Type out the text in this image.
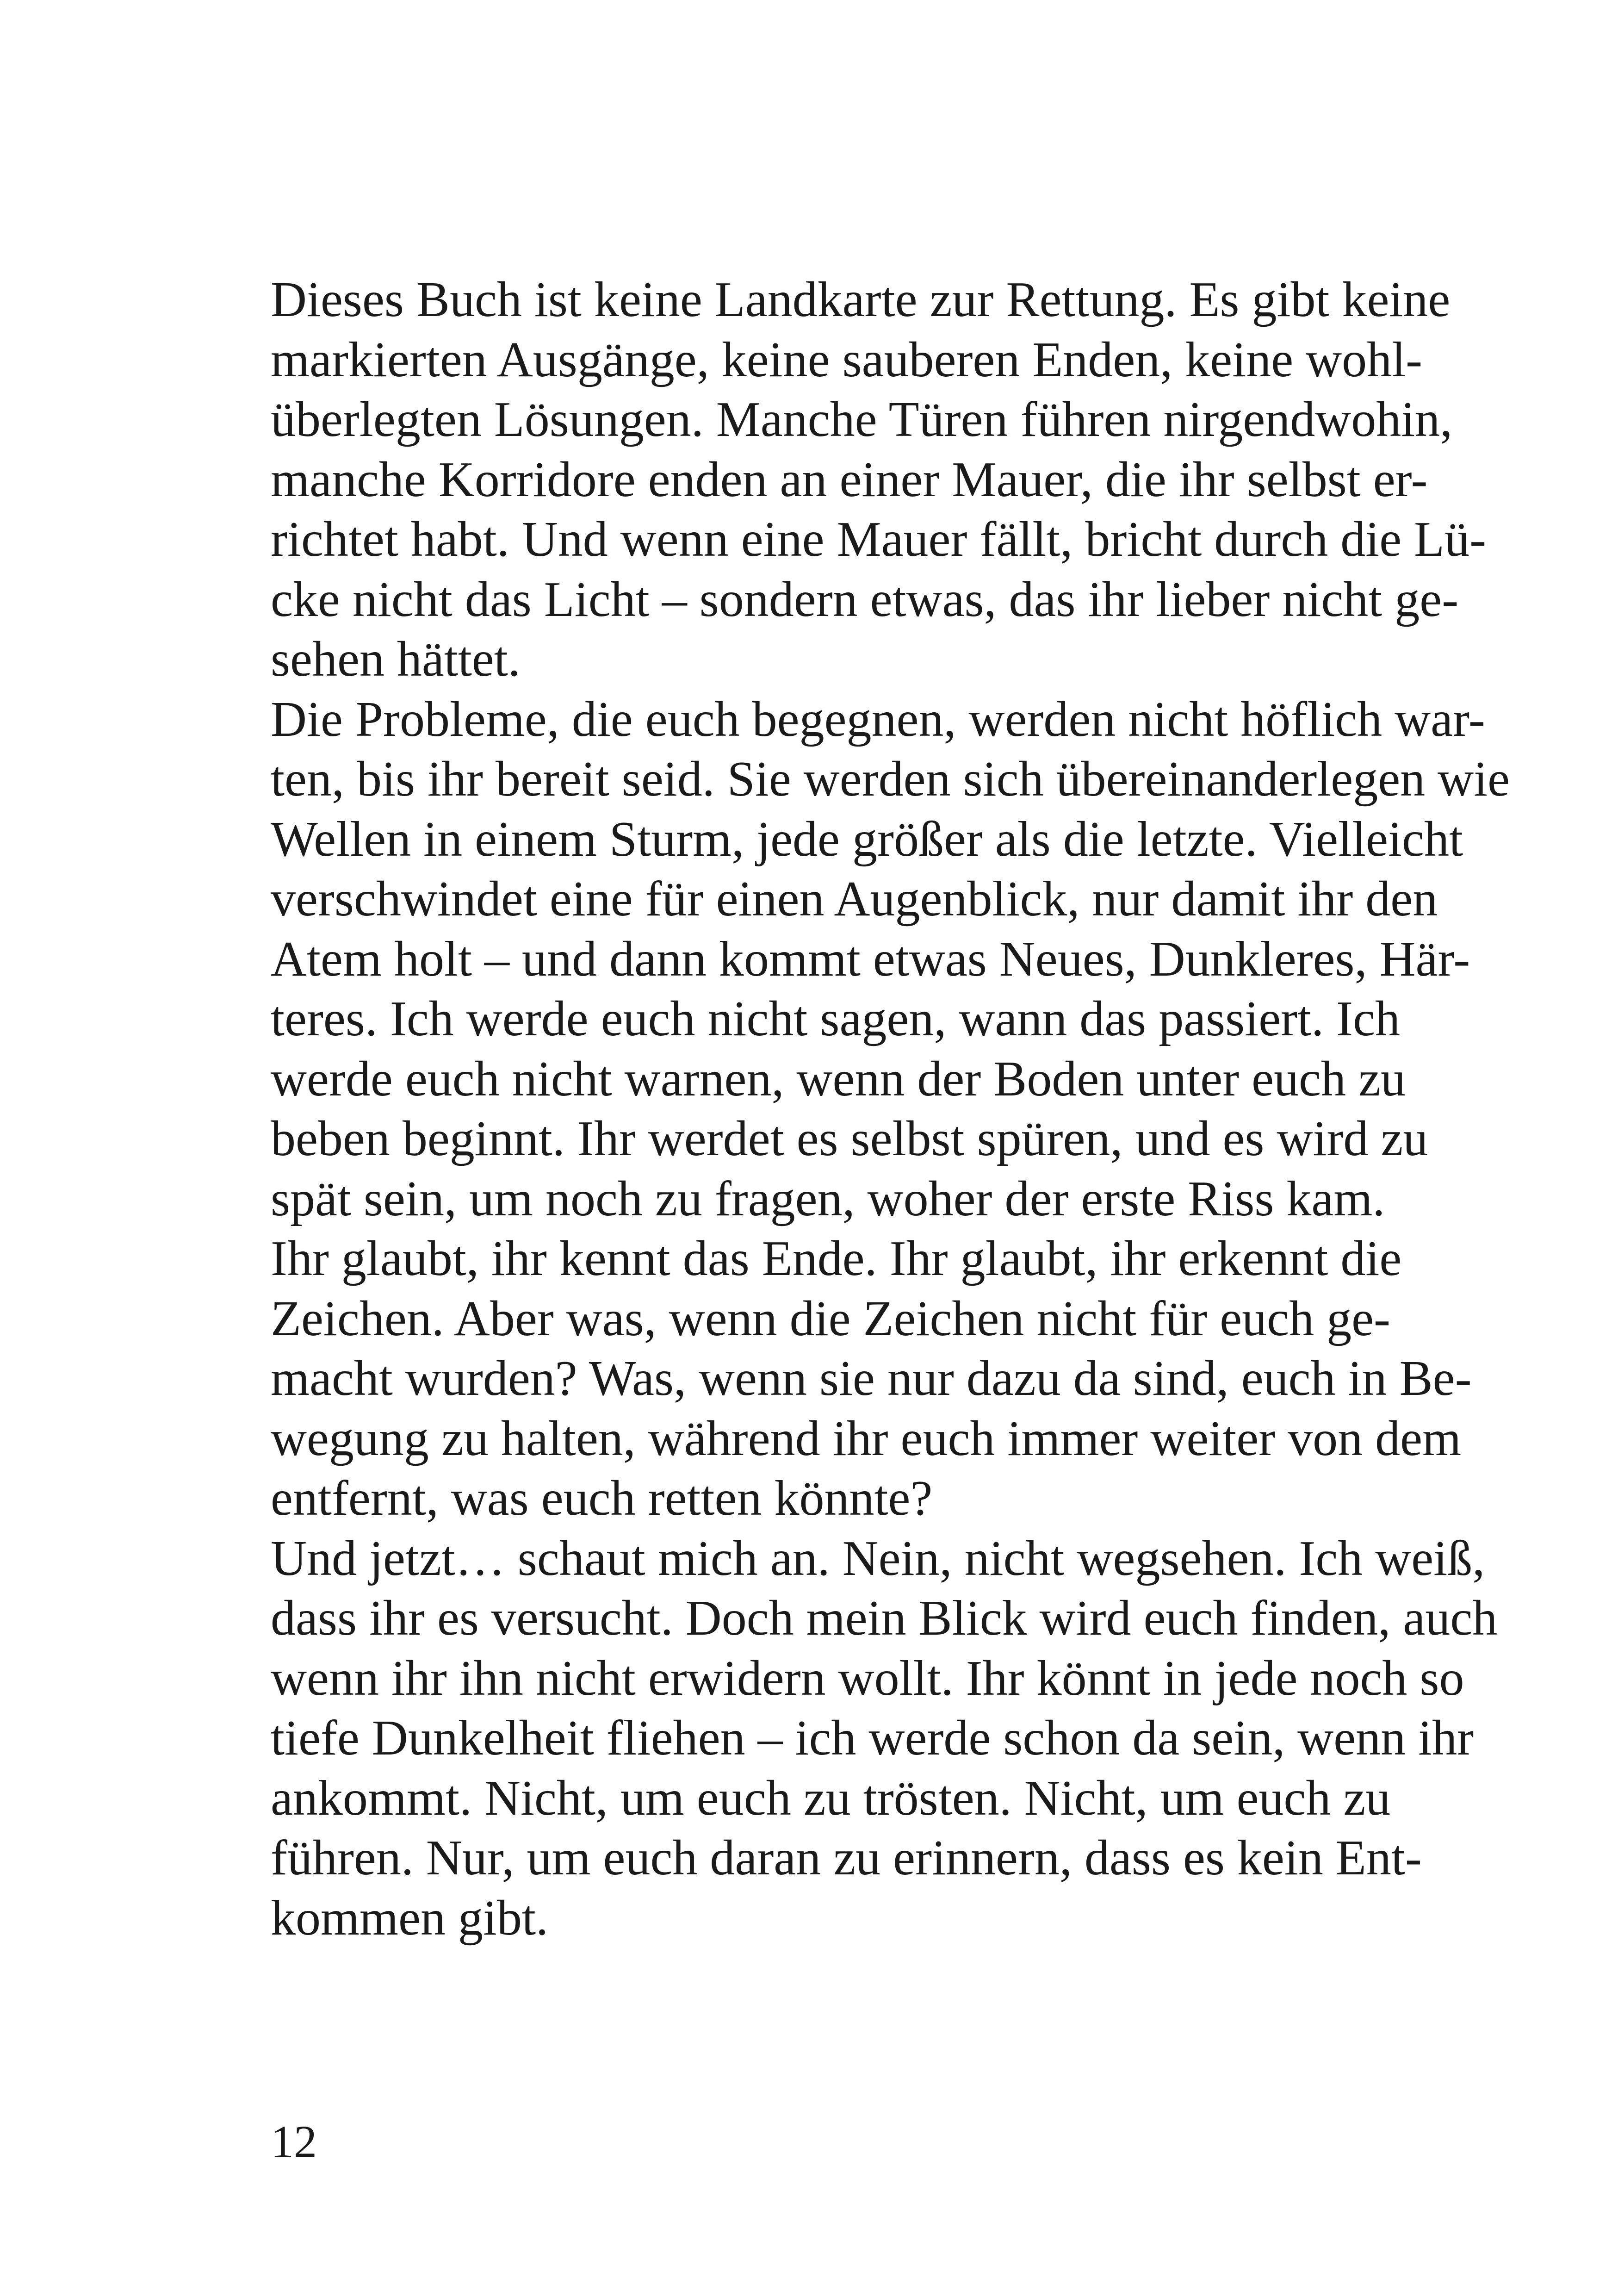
Dieses Buch ist keine Landkarte zur Rettung. Es gibt keine
markierten Ausgänge, keine sauberen Enden, keine wohl-
überlegten Lösungen. Manche Türen führen nirgendwohin,
manche Korridore enden an einer Mauer, die ihr selbst er-
richtet habt. Und wenn eine Mauer fällt, bricht durch die Lü-
cke nicht das Licht – sondern etwas, das ihr lieber nicht ge-
sehen hättet.
Die Probleme, die euch begegnen, werden nicht höflich war-
ten, bis ihr bereit seid. Sie werden sich übereinanderlegen wie
Wellen in einem Sturm, jede größer als die letzte. Vielleicht
verschwindet eine für einen Augenblick, nur damit ihr den
Atem holt – und dann kommt etwas Neues, Dunkleres, Här-
teres. Ich werde euch nicht sagen, wann das passiert. Ich
werde euch nicht warnen, wenn der Boden unter euch zu
beben beginnt. Ihr werdet es selbst spüren, und es wird zu
spät sein, um noch zu fragen, woher der erste Riss kam.
Ihr glaubt, ihr kennt das Ende. Ihr glaubt, ihr erkennt die
Zeichen. Aber was, wenn die Zeichen nicht für euch ge-
macht wurden? Was, wenn sie nur dazu da sind, euch in Be-
wegung zu halten, während ihr euch immer weiter von dem
entfernt, was euch retten könnte?
Und jetzt… schaut mich an. Nein, nicht wegsehen. Ich weiß,
dass ihr es versucht. Doch mein Blick wird euch finden, auch
wenn ihr ihn nicht erwidern wollt. Ihr könnt in jede noch so
tiefe Dunkelheit fliehen – ich werde schon da sein, wenn ihr
ankommt. Nicht, um euch zu trösten. Nicht, um euch zu
führen. Nur, um euch daran zu erinnern, dass es kein Ent-
kommen gibt.
12
